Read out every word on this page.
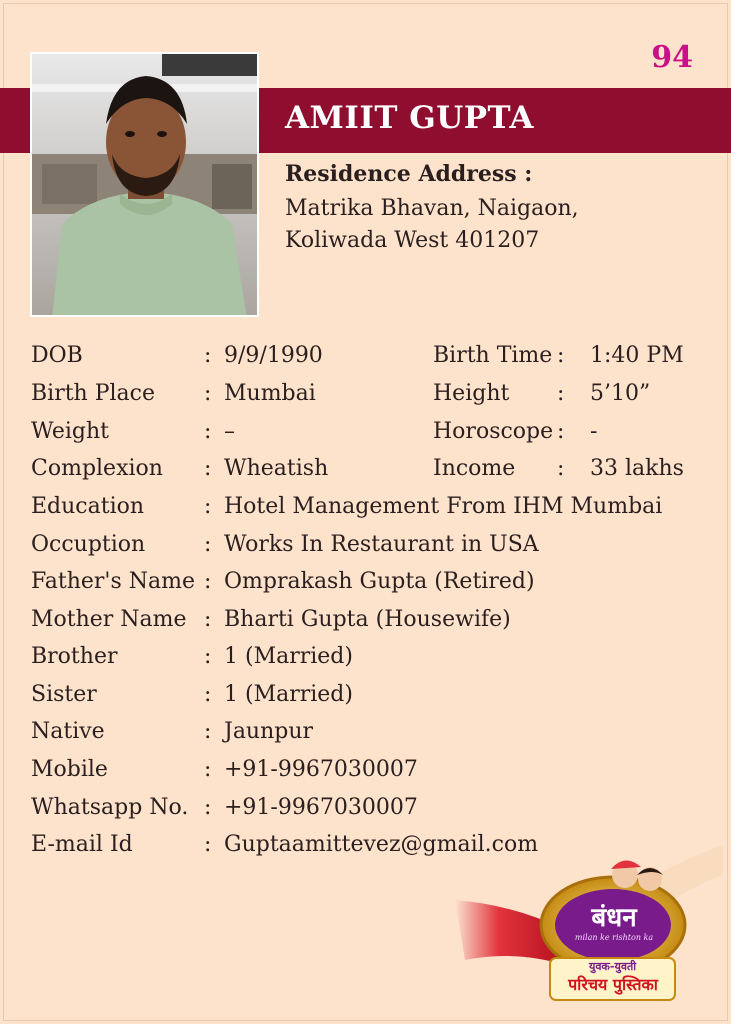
94
AMIIT GUPTA
Residence Address :
Matrika Bhavan, Naigaon,
Koliwada West 401207
DOB	: 9/9/1990	Birth Time : 1:40 PM
Birth Place : Mumbai	Height : 5’10”
Weight	: –	Horoscope : -
Complexion : Wheatish	Income : 33 lakhs
Education	: Hotel Management From IHM Mumbai
Occuption	: Works In Restaurant in USA
Father's Name : Omprakash Gupta (Retired)
Mother Name : Bharti Gupta (Housewife)
Brother	: 1 (Married)
Sister	: 1 (Married)
Native	: Jaunpur
Mobile	: +91-9967030007
Whatsapp No. : +91-9967030007
E-mail Id	: Guptaamittevez@gmail.com
बंधन
milan ke rishton ka
युवक-युवती
परिचय पुस्तिका
